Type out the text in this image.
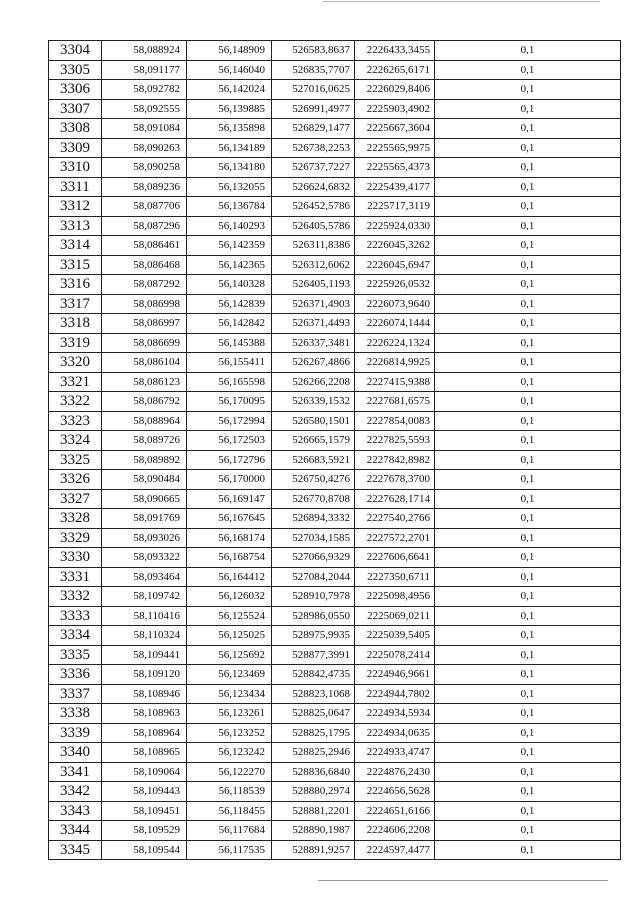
3304	58,088924	56,148909	526583,8637	2226433,3455	0,1
3305	58,091177	56,146040	526835,7707	2226265,6171	0,1
3306	58,092782	56,142024	527016,0625	2226029,8406	0,1
3307	58,092555	56,139885	526991,4977	2225903,4902	0,1
3308	58,091084	56,135898	526829,1477	2225667,3604	0,1
3309	58,090263	56,134189	526738,2253	2225565,9975	0,1
3310	58,090258	56,134180	526737,7227	2225565,4373	0,1
3311	58,089236	56,132055	526624,6832	2225439,4177	0,1
3312	58,087706	56,136784	526452,5786	2225717,3119	0,1
3313	58,087296	56,140293	526405,5786	2225924,0330	0,1
3314	58,086461	56,142359	526311,8386	2226045,3262	0,1
3315	58,086468	56,142365	526312,6062	2226045,6947	0,1
3316	58,087292	56,140328	526405,1193	2225926,0532	0,1
3317	58,086998	56,142839	526371,4903	2226073,9640	0,1
3318	58,086997	56,142842	526371,4493	2226074,1444	0,1
3319	58,086699	56,145388	526337,3481	2226224,1324	0,1
3320	58,086104	56,155411	526267,4866	2226814,9925	0,1
3321	58,086123	56,165598	526266,2208	2227415,9388	0,1
3322	58,086792	56,170095	526339,1532	2227681,6575	0,1
3323	58,088964	56,172994	526580,1501	2227854,0083	0,1
3324	58,089726	56,172503	526665,1579	2227825,5593	0,1
3325	58,089892	56,172796	526683,5921	2227842,8982	0,1
3326	58,090484	56,170000	526750,4276	2227678,3700	0,1
3327	58,090665	56,169147	526770,8708	2227628,1714	0,1
3328	58,091769	56,167645	526894,3332	2227540,2766	0,1
3329	58,093026	56,168174	527034,1585	2227572,2701	0,1
3330	58,093322	56,168754	527066,9329	2227606,6641	0,1
3331	58,093464	56,164412	527084,2044	2227350,6711	0,1
3332	58,109742	56,126032	528910,7978	2225098,4956	0,1
3333	58,110416	56,125524	528986,0550	2225069,0211	0,1
3334	58,110324	56,125025	528975,9935	2225039,5405	0,1
3335	58,109441	56,125692	528877,3991	2225078,2414	0,1
3336	58,109120	56,123469	528842,4735	2224946,9661	0,1
3337	58,108946	56,123434	528823,1068	2224944,7802	0,1
3338	58,108963	56,123261	528825,0647	2224934,5934	0,1
3339	58,108964	56,123252	528825,1795	2224934,0635	0,1
3340	58,108965	56,123242	528825,2946	2224933,4747	0,1
3341	58,109064	56,122270	528836,6840	2224876,2430	0,1
3342	58,109443	56,118539	528880,2974	2224656,5628	0,1
3343	58,109451	56,118455	528881,2201	2224651,6166	0,1
3344	58,109529	56,117684	528890,1987	2224606,2208	0,1
3345	58,109544	56,117535	528891,9257	2224597,4477	0,1
